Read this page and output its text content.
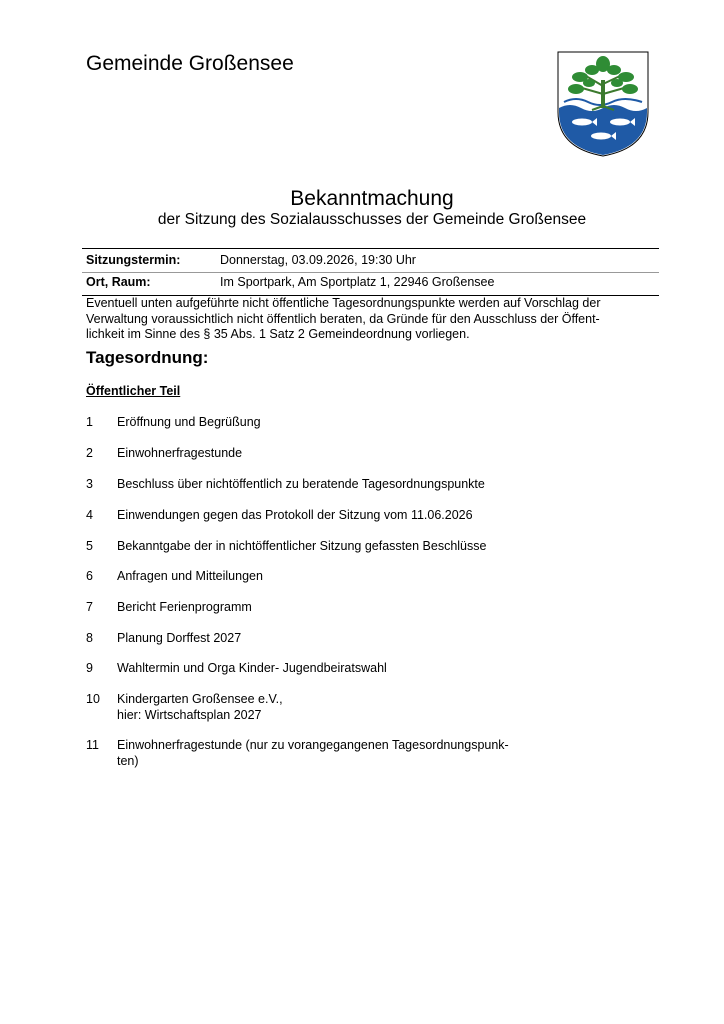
Gemeinde Großensee
Bekanntmachung
der Sitzung des Sozialausschusses der Gemeinde Großensee
Sitzungstermin:	Donnerstag, 03.09.2026, 19:30 Uhr
Ort, Raum:	Im Sportpark, Am Sportplatz 1, 22946 Großensee
Eventuell unten aufgeführte nicht öffentliche Tagesordnungspunkte werden auf Vorschlag der
Verwaltung voraussichtlich nicht öffentlich beraten, da Gründe für den Ausschluss der Öffent-
lichkeit im Sinne des § 35 Abs. 1 Satz 2 Gemeindeordnung vorliegen.
Tagesordnung:
Öffentlicher Teil
1 Eröffnung und Begrüßung
2 Einwohnerfragestunde
3 Beschluss über nichtöffentlich zu beratende Tagesordnungspunkte
4 Einwendungen gegen das Protokoll der Sitzung vom 11.06.2026
5 Bekanntgabe der in nichtöffentlicher Sitzung gefassten Beschlüsse
6 Anfragen und Mitteilungen
7 Bericht Ferienprogramm
8 Planung Dorffest 2027
9 Wahltermin und Orga Kinder- Jugendbeiratswahl
10 Kindergarten Großensee e.V.,
hier: Wirtschaftsplan 2027
11 Einwohnerfragestunde (nur zu vorangegangenen Tagesordnungspunk-
ten)
